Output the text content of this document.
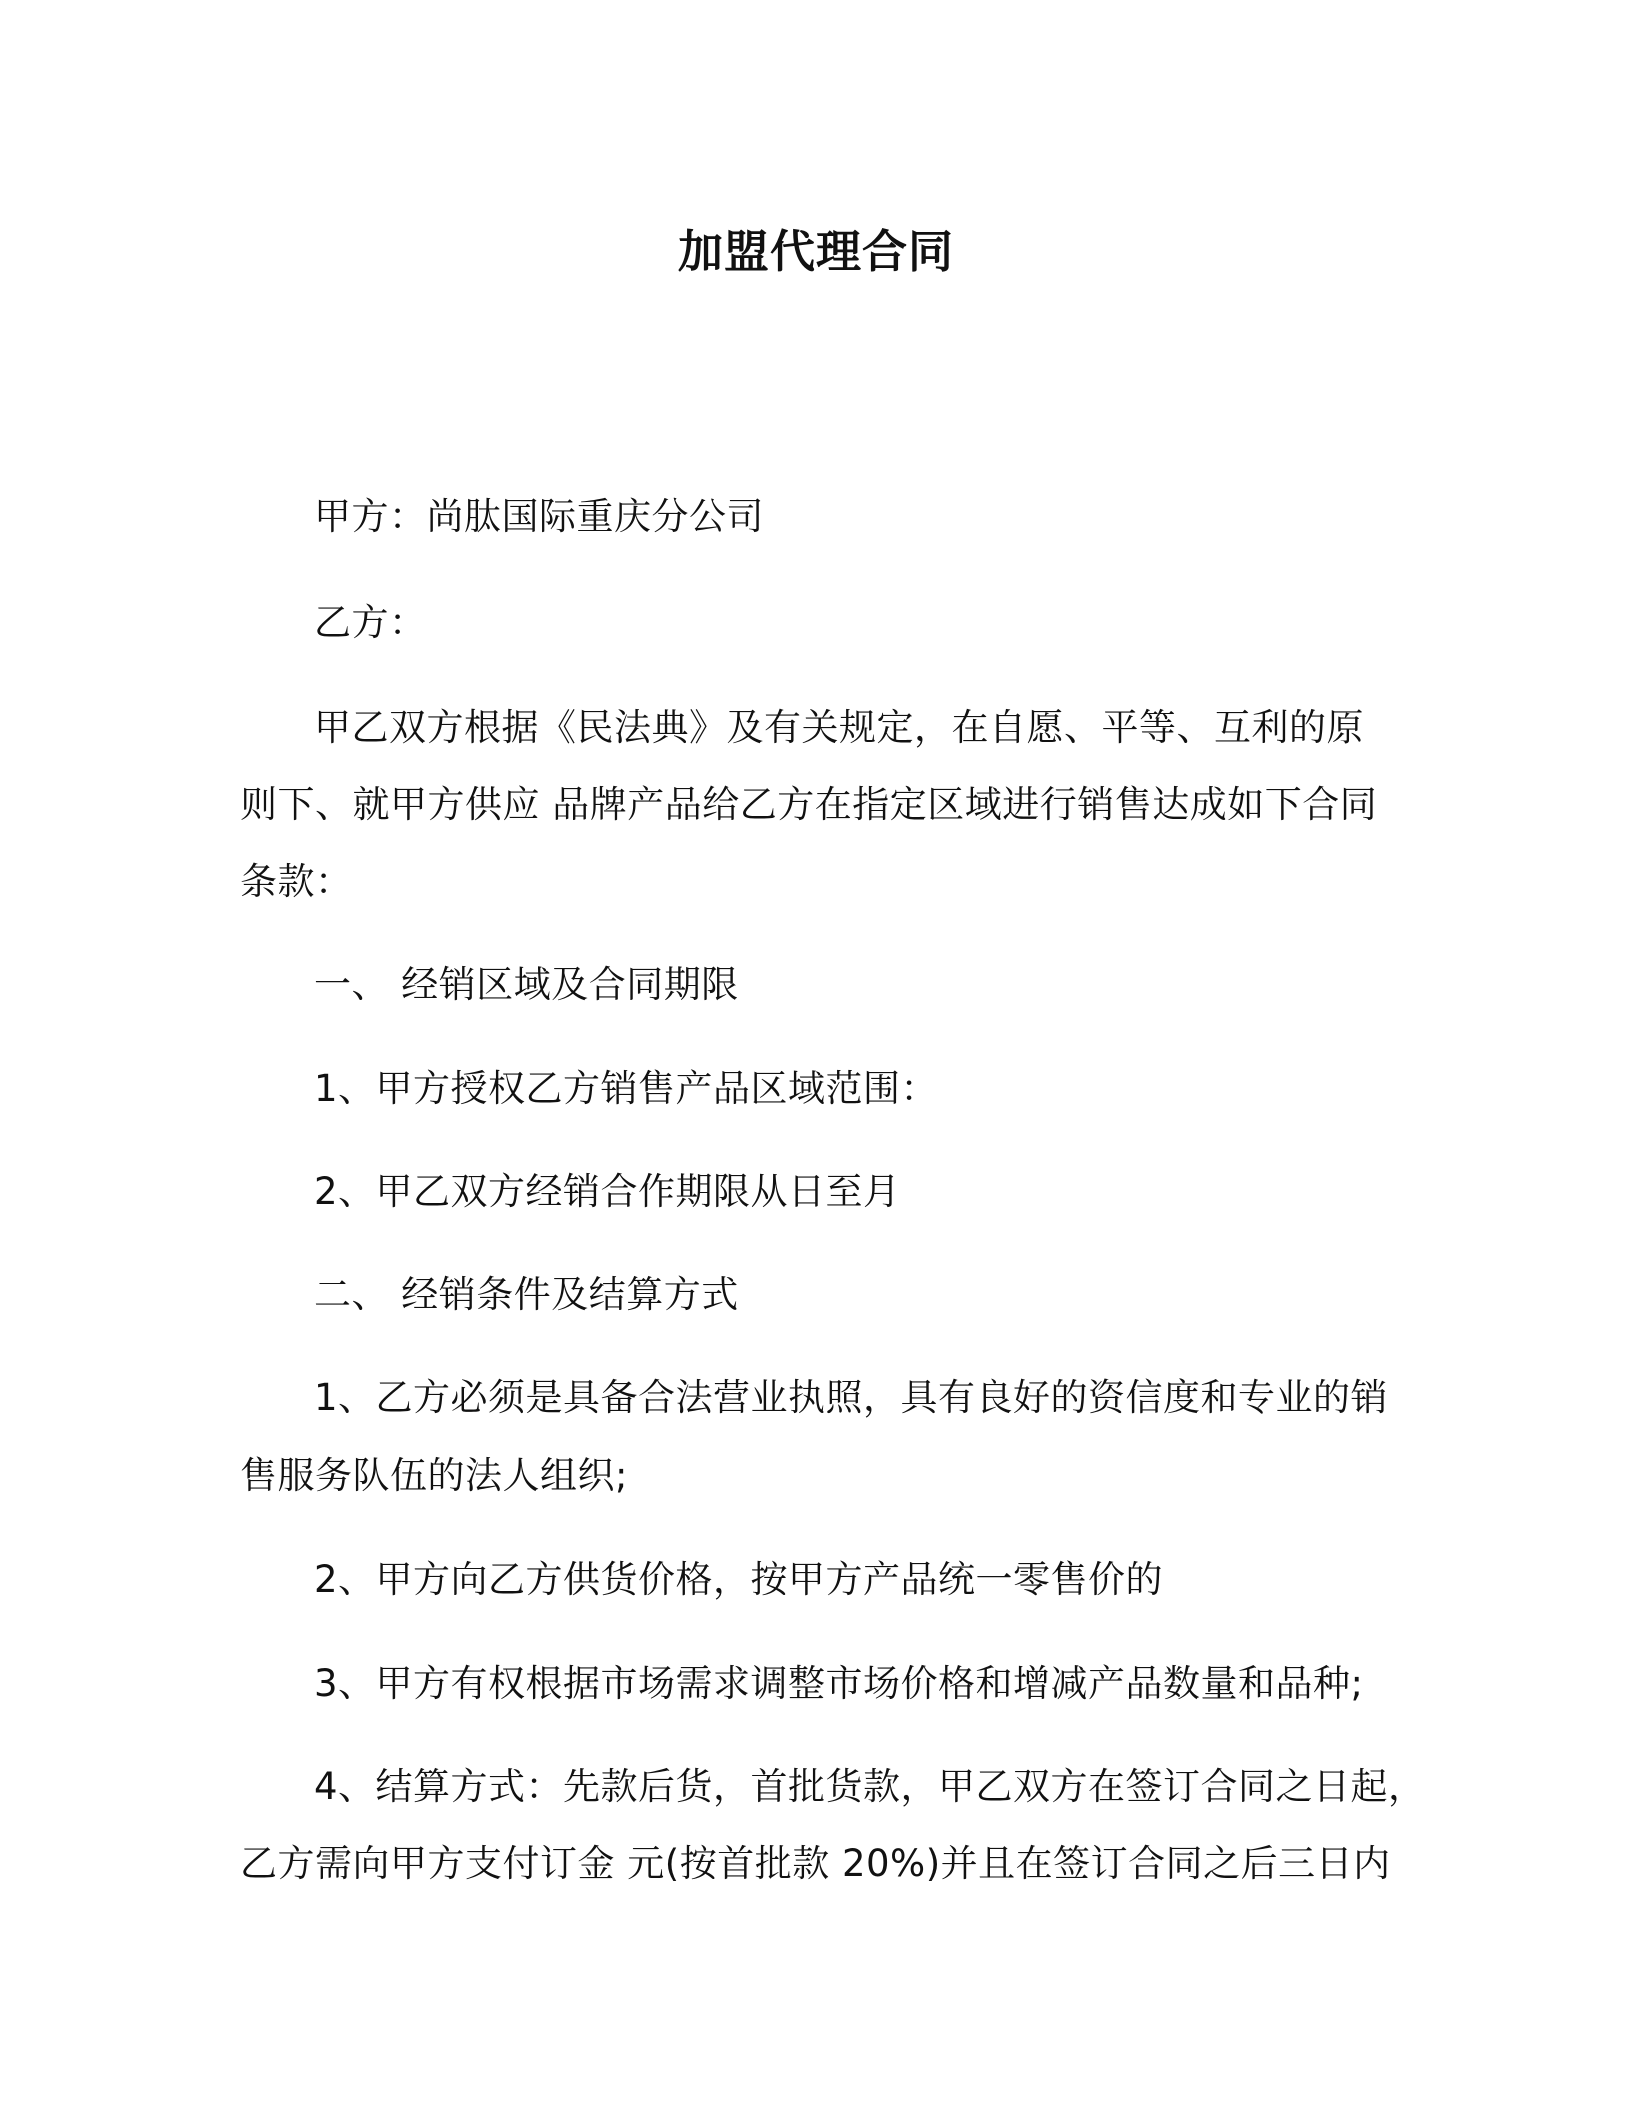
加盟代理合同
甲方：尚肽国际重庆分公司
乙方：
甲乙双方根据《民法典》及有关规定，在自愿、平等、互利的原
则下、就甲方供应 品牌产品给乙方在指定区域进行销售达成如下合同
条款：
一、 经销区域及合同期限
1、甲方授权乙方销售产品区域范围：
2、甲乙双方经销合作期限从日至月
二、 经销条件及结算方式
1、乙方必须是具备合法营业执照，具有良好的资信度和专业的销
售服务队伍的法人组织;
2、甲方向乙方供货价格，按甲方产品统一零售价的
3、甲方有权根据市场需求调整市场价格和增减产品数量和品种;
4、结算方式：先款后货，首批货款，甲乙双方在签订合同之日起，
乙方需向甲方支付订金 元(按首批款 20%)并且在签订合同之后三日内
